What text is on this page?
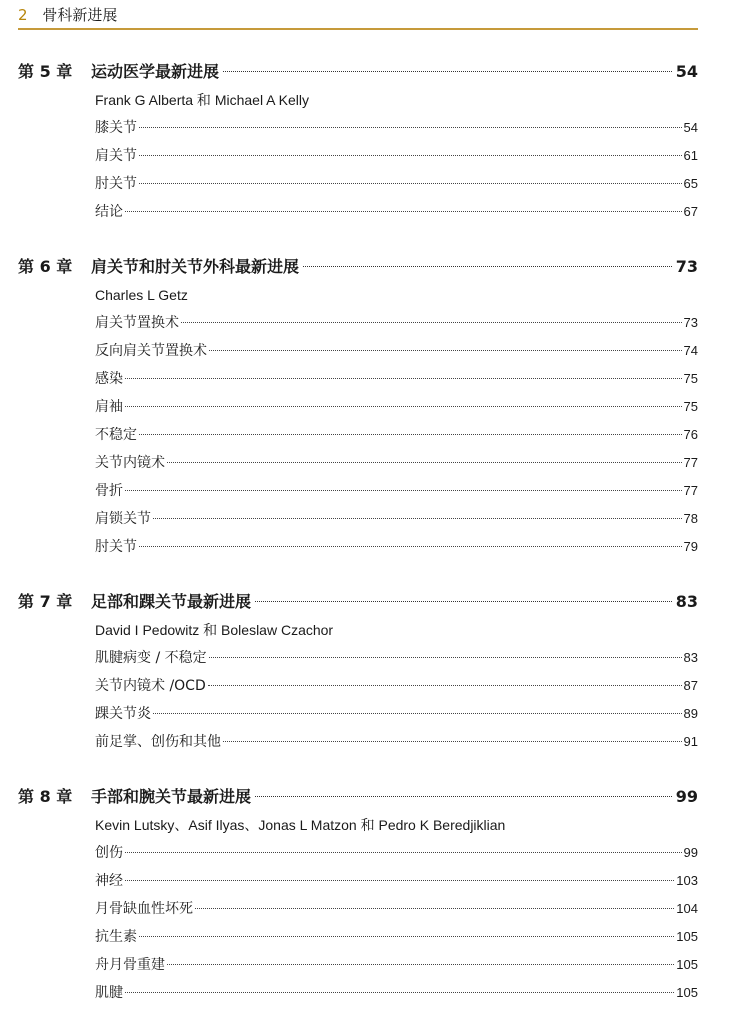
2 骨科新进展
第 5 章	运动医学最新进展	54
Frank G Alberta 和 Michael A Kelly
膝关节	54
肩关节	61
肘关节	65
结论	67
第 6 章	肩关节和肘关节外科最新进展	73
Charles L Getz
肩关节置换术	73
反向肩关节置换术	74
感染	75
肩袖	75
不稳定	76
关节内镜术	77
骨折	77
肩锁关节	78
肘关节	79
第 7 章	足部和踝关节最新进展	83
David I Pedowitz 和 Boleslaw Czachor
肌腱病变 / 不稳定	83
关节内镜术 /OCD	87
踝关节炎	89
前足掌、创伤和其他	91
第 8 章	手部和腕关节最新进展	99
Kevin Lutsky、Asif Ilyas、Jonas L Matzon 和 Pedro K Beredjiklian
创伤	99
神经	103
月骨缺血性坏死	104
抗生素	105
舟月骨重建	105
肌腱	105
